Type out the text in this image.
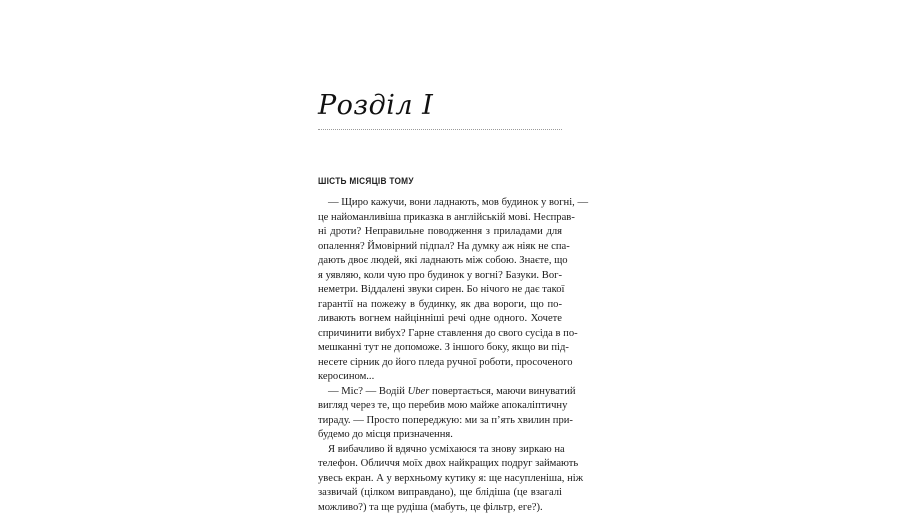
Розділ I
ШІСТЬ МІСЯЦІВ ТОМУ
— Щиро кажучи, вони ладнають, мов будинок у вогні, —
це найоманливіша приказка в англійській мові. Несправ-
ні дроти? Неправильне поводження з приладами для
опалення? Ймовірний підпал? На думку аж ніяк не спа-
дають двоє людей, які ладнають між собою. Знаєте, що
я уявляю, коли чую про будинок у вогні? Базуки. Вог-
неметри. Віддалені звуки сирен. Бо нічого не дає такої
гарантії на пожежу в будинку, як два вороги, що по-
ливають вогнем найцінніші речі одне одного. Хочете
спричинити вибух? Гарне ставлення до свого сусіда в по-
мешканні тут не допоможе. З іншого боку, якщо ви під-
несете сірник до його пледа ручної роботи, просоченого
керосином...
— Міс? — Водій Uber повертається, маючи винуватий
вигляд через те, що перебив мою майже апокаліптичну
тираду. — Просто попереджую: ми за п’ять хвилин при-
будемо до місця призначення.
Я вибачливо й вдячно усміхаюся та знову зиркаю на
телефон. Обличчя моїх двох найкращих подруг займають
увесь екран. А у верхньому кутику я: ще насупленіша, ніж
зазвичай (цілком виправдано), ще блідіша (це взагалі
можливо?) та ще рудіша (мабуть, це фільтр, еге?).
